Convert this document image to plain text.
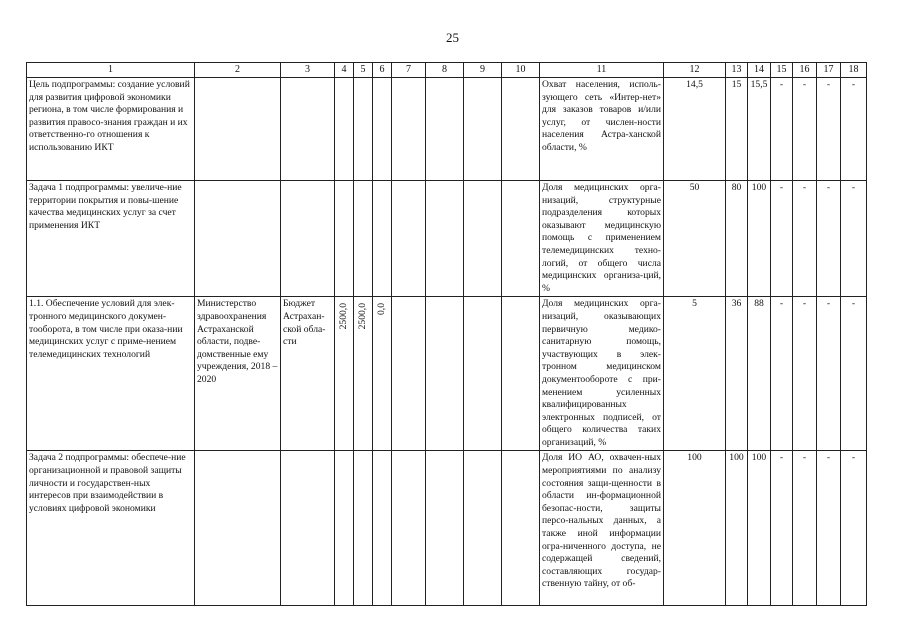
25
1	2	3	4	5	6	7	8	9	10	11	12	13	14	15	16	17	18
Цель подпрограммы: создание условий для развития цифровой экономики региона, в том числе формирования и развития правосо-знания граждан и их ответственно-го отношения к использованию ИКТ										Охват населения, исполь-зующего сеть «Интер-нет» для заказов товаров и/или услуг, от числен-ности населения Астра-ханской области, %	14,5	15	15,5	-	-	-	-
Задача 1 подпрограммы: увеличе-ние территории покрытия и повы-шение качества медицинских услуг за счет применения ИКТ										Доля медицинских орга-низаций, структурные подразделения которых оказывают медицинскую помощь с применением телемедицинских техно-логий, от общего числа медицинских организа-ций, %	50	80	100	-	-	-	-
1.1. Обеспечение условий для элек-тронного медицинского докумен-тооборота, в том числе при оказа-нии медицинских услуг с приме-нением телемедицинских технологий	Министерство здравоохранения Астраханской области, подве-домственные ему учреждения, 2018 – 2020	Бюджет Астрахан-ской обла-сти	2500,0	2500,0	0,0					Доля медицинских орга-низаций, оказывающих первичную медико-санитарную помощь, участвующих в элек-тронном медицинском документообороте с при-менением усиленных квалифицированных электронных подписей, от общего количества таких организаций, %	5	36	88	-	-	-	-
Задача 2 подпрограммы: обеспече-ние организационной и правовой защиты личности и государствен-ных интересов при взаимодействии в условиях цифровой экономики										Доля ИО АО, охвачен-ных мероприятиями по анализу состояния защи-щенности в области ин-формационной безопас-ности, защиты персо-нальных данных, а также иной информации огра-ниченного доступа, не содержащей сведений, составляющих государ-ственную тайну, от об-	100	100	100	-	-	-	-
